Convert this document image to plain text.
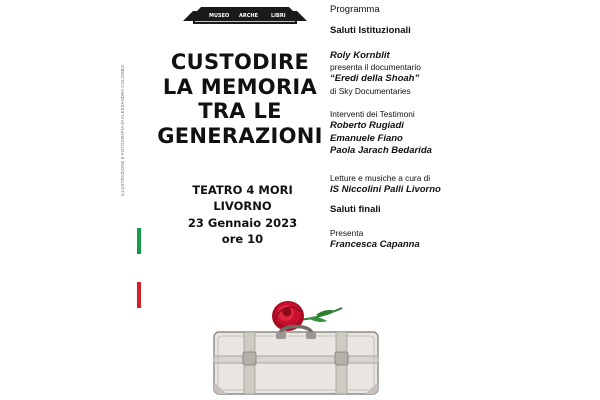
ILLUSTRAZIONE E FOTOGRAFIA DI ALESSANDRA COLOMBO
MUSEO ARCHE	LIBRI
CUSTODIRE
LA MEMORIA
TRA LE
GENERAZIONI
TEATRO 4 MORI
LIVORNO
23 Gennaio 2023
ore 10
Programma
Saluti Istituzionali
Roly Kornblit
presenta il documentario
“Eredi della Shoah”
di Sky Documentaries
Interventi dei Testimoni
Roberto Rugiadi
Emanuele Fiano
Paola Jarach Bedarida
Letture e musiche a cura di
IS Niccolini Palli Livorno
Saluti finali
Presenta
Francesca Capanna
